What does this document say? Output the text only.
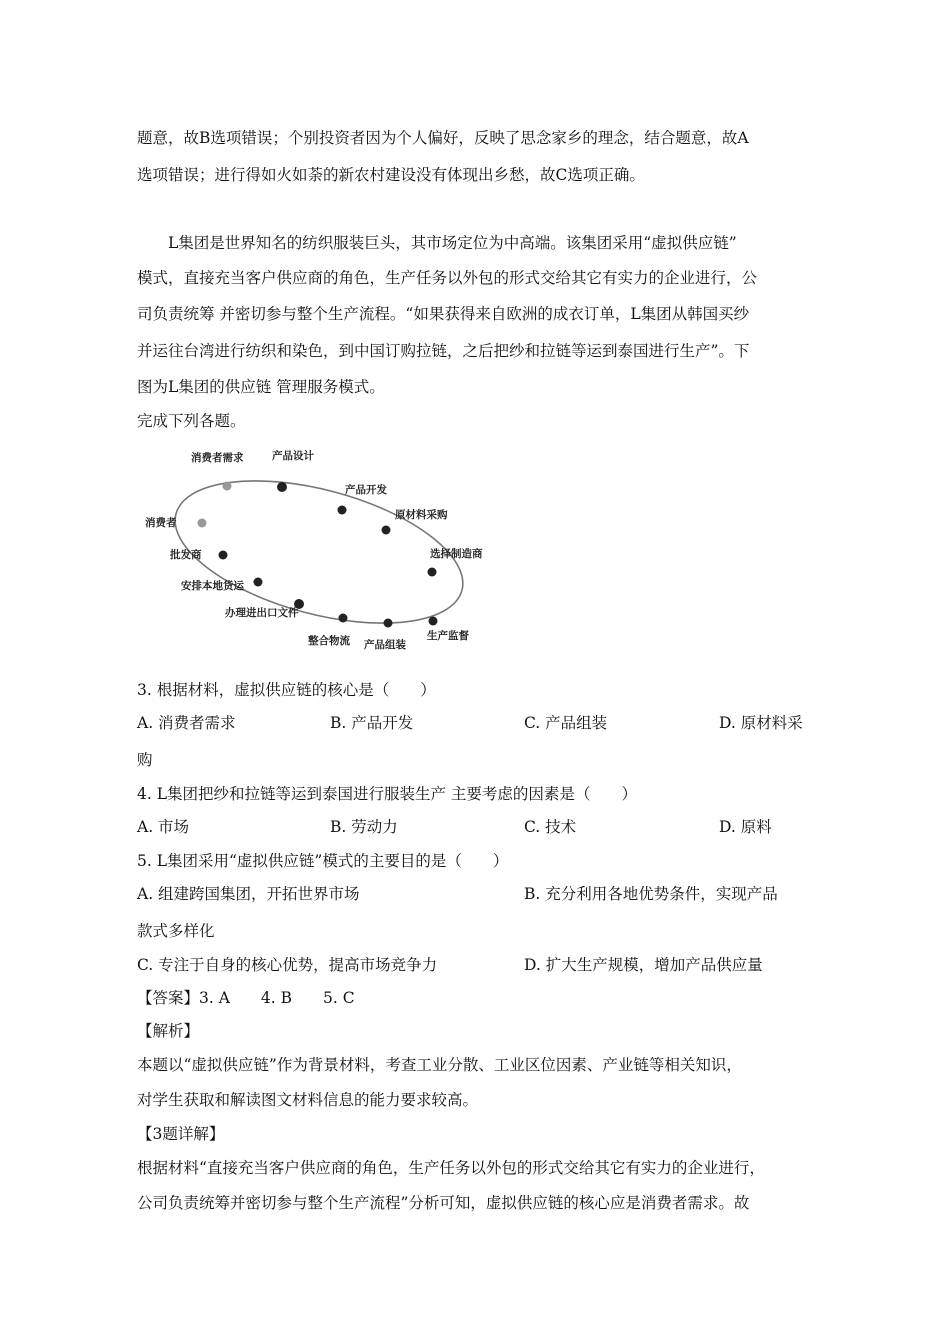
题意，故B选项错误；个别投资者因为个人偏好，反映了思念家乡的理念，结合题意，故A
选项错误；进行得如火如荼的新农村建设没有体现出乡愁，故C选项正确。
L集团是世界知名的纺织服装巨头，其市场定位为中高端。该集团采用“虚拟供应链”
模式，直接充当客户供应商的角色，生产任务以外包的形式交给其它有实力的企业进行，公
司负责统筹 并密切参与整个生产流程。“如果获得来自欧洲的成衣订单，L集团从韩国买纱
并运往台湾进行纺织和染色，到中国订购拉链，之后把纱和拉链等运到泰国进行生产”。下
图为L集团的供应链 管理服务模式。
完成下列各题。
消费者需求	产品设计
产品开发
原材料采购
选择制造商
生产监督
产品组装
整合物流
办理进出口文件
安排本地货运
批发商
消费者
3. 根据材料，虚拟供应链的核心是（　　）
A. 消费者需求	B. 产品开发	C. 产品组装	D. 原材料采
购
4. L集团把纱和拉链等运到泰国进行服装生产 主要考虑的因素是（　　）
A. 市场	B. 劳动力	C. 技术	D. 原料
5. L集团采用“虚拟供应链”模式的主要目的是（　　）
A. 组建跨国集团，开拓世界市场	B. 充分利用各地优势条件，实现产品
款式多样化
C. 专注于自身的核心优势，提高市场竞争力	D. 扩大生产规模，增加产品供应量
【答案】3. A　　4. B　　5. C
【解析】
本题以“虚拟供应链”作为背景材料，考查工业分散、工业区位因素、产业链等相关知识，
对学生获取和解读图文材料信息的能力要求较高。
【3题详解】
根据材料“直接充当客户供应商的角色，生产任务以外包的形式交给其它有实力的企业进行，
公司负责统筹并密切参与整个生产流程”分析可知，虚拟供应链的核心应是消费者需求。故
